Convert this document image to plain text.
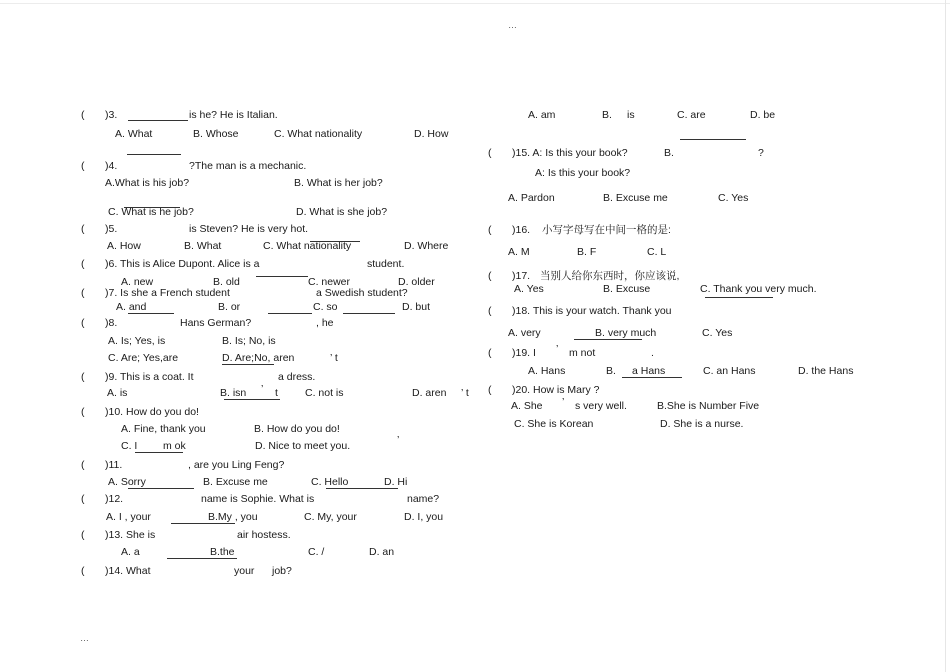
…
…
( )3.	is he? He is Italian.
A. What	B. Whose	C. What nationality	D. How
( )4.	?The man is a mechanic.
A.What is his job?	B. What is her job?
C. What is he job?	D. What is she job?
( )5.	is Steven? He is very hot.
A. How	B. What	C. What nationality	D. Where
( )6. This is Alice Dupont. Alice is a	student.
A. new	B. old	C. newer	D. older
( )7. Is she a French student	a Swedish student?
A. and	B. or	C. so	D. but
( )8.	Hans German?	, he
A. Is; Yes, is	B. Is; No, is
C. Are; Yes,are	D. Are;No, aren	’ t
( )9. This is a coat. It	a dress.
A. is	B. isn ’ t	C. not is	D. aren ’ t
( )10. How do you do!
A. Fine, thank you	B. How do you do!
C. I m ok	D. Nice to meet you.	’
( )11.	, are you Ling Feng?
A. Sorry	B. Excuse me	C. Hello	D. Hi
( )12.	name is Sophie. What is	name?
A. I , your	B.My , you	C. My, your	D. I, you
( )13. She is	air hostess.
A. a	B.the	C. /	D. an
( )14. What	your job?
A. am	B. is	C. are	D. be
( )15. A: Is this your book?	B.	?
A: Is this your book?
A. Pardon	B. Excuse me	C. Yes
( )16. 小写字母写在中间一格的是:
A. M	B. F	C. L
( )17. 当别人给你东西时，你应该说,
A. Yes	B. Excuse	C. Thank you very much.
( )18. This is your watch. Thank you
A. very	B. very much	C. Yes
( )19. I ’ m not	.
A. Hans	B. a Hans	C. an Hans	D. the Hans
( )20. How is Mary ?
A. She ’ s very well.	B.She is Number Five
C. She is Korean	D. She is a nurse.
